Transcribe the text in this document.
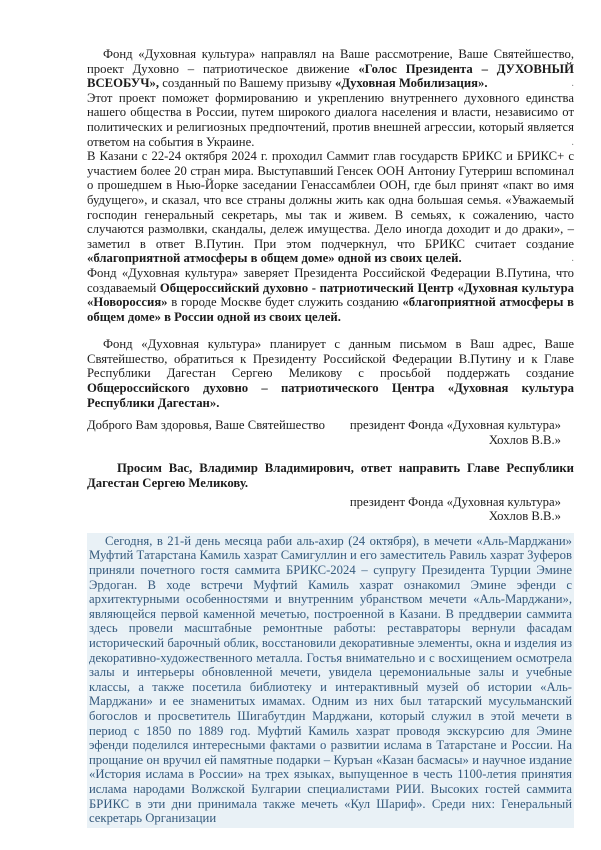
Фонд «Духовная культура» направлял на Ваше рассмотрение, Ваше Святейшество, проект Духовно – патриотическое движение «Голос Президента – ДУХОВНЫЙ ВСЕОБУЧ», созданный по Вашему призыву «Духовная Мобилизация».	.

Этот проект поможет формированию и укреплению внутреннего духовного единства нашего общества в России, путем широкого диалога населения и власти, независимо от политических и религиозных предпочтений, против внешней агрессии, который является ответом на события в Украине.	.

В Казани с 22-24 октября 2024 г. проходил Саммит глав государств БРИКС и БРИКС+ с участием более 20 стран мира. Выступавший Генсек ООН Антониу Гутерриш вспоминал о прошедшем в Нью-Йорке заседании Генассамблеи ООН, где был принят «пакт во имя будущего», и сказал, что все страны должны жить как одна большая семья. «Уважаемый господин генеральный секретарь, мы так и живем. В семьях, к сожалению, часто случаются размолвки, скандалы, дележ имущества. Дело иногда доходит и до драки», – заметил в ответ В.Путин. При этом подчеркнул, что БРИКС считает создание «благоприятной атмосферы в общем доме» одной из своих целей.	.

Фонд «Духовная культура» заверяет Президента Российской Федерации В.Путина, что создаваемый Общероссийский духовно - патриотический Центр «Духовная культура «Новороссия» в городе Москве будет служить созданию «благоприятной атмосферы в общем доме» в России одной из своих целей.

Фонд «Духовная культура» планирует с данным письмом в Ваш адрес, Ваше Святейшество, обратиться к Президенту Российской Федерации В.Путину и к Главе Республики Дагестан Сергею Меликову с просьбой поддержать создание Общероссийского духовно – патриотического Центра «Духовная культура Республики Дагестан».

Доброго Вам здоровья, Ваше Святейшество президент Фонда «Духовная культура»
Хохлов В.В.»

Просим Вас, Владимир Владимирович, ответ направить Главе Республики Дагестан Сергею Меликову.

президент Фонда «Духовная культура»
Хохлов В.В.»

Сегодня, в 21-й день месяца раби аль-ахир (24 октября), в мечети «Аль-Марджани» Муфтий Татарстана Камиль хазрат Самигуллин и его заместитель Равиль хазрат Зуферов приняли почетного гостя саммита БРИКС-2024 – супругу Президента Турции Эмине Эрдоган. В ходе встречи Муфтий Камиль хазрат ознакомил Эмине эфенди с архитектурными особенностями и внутренним убранством мечети «Аль-Марджани», являющейся первой каменной мечетью, построенной в Казани. В преддверии саммита здесь провели масштабные ремонтные работы: реставраторы вернули фасадам исторический барочный облик, восстановили декоративные элементы, окна и изделия из декоративно-художественного металла. Гостья внимательно и с восхищением осмотрела залы и интерьеры обновленной мечети, увидела церемониальные залы и учебные классы, а также посетила библиотеку и интерактивный музей об истории «Аль-Марджани» и ее знаменитых имамах. Одним из них был татарский мусульманский богослов и просветитель Шигабутдин Марджани, который служил в этой мечети в период с 1850 по 1889 год. Муфтий Камиль хазрат проводя экскурсию для Эмине эфенди поделился интересными фактами о развитии ислама в Татарстане и России. На прощание он вручил ей памятные подарки – Куръан «Казан басмасы» и научное издание «История ислама в России» на трех языках, выпущенное в честь 1100-летия принятия ислама народами Волжской Булгарии специалистами РИИ. Высоких гостей саммита БРИКС в эти дни принимала также мечеть «Кул Шариф». Среди них: Генеральный секретарь Организации
